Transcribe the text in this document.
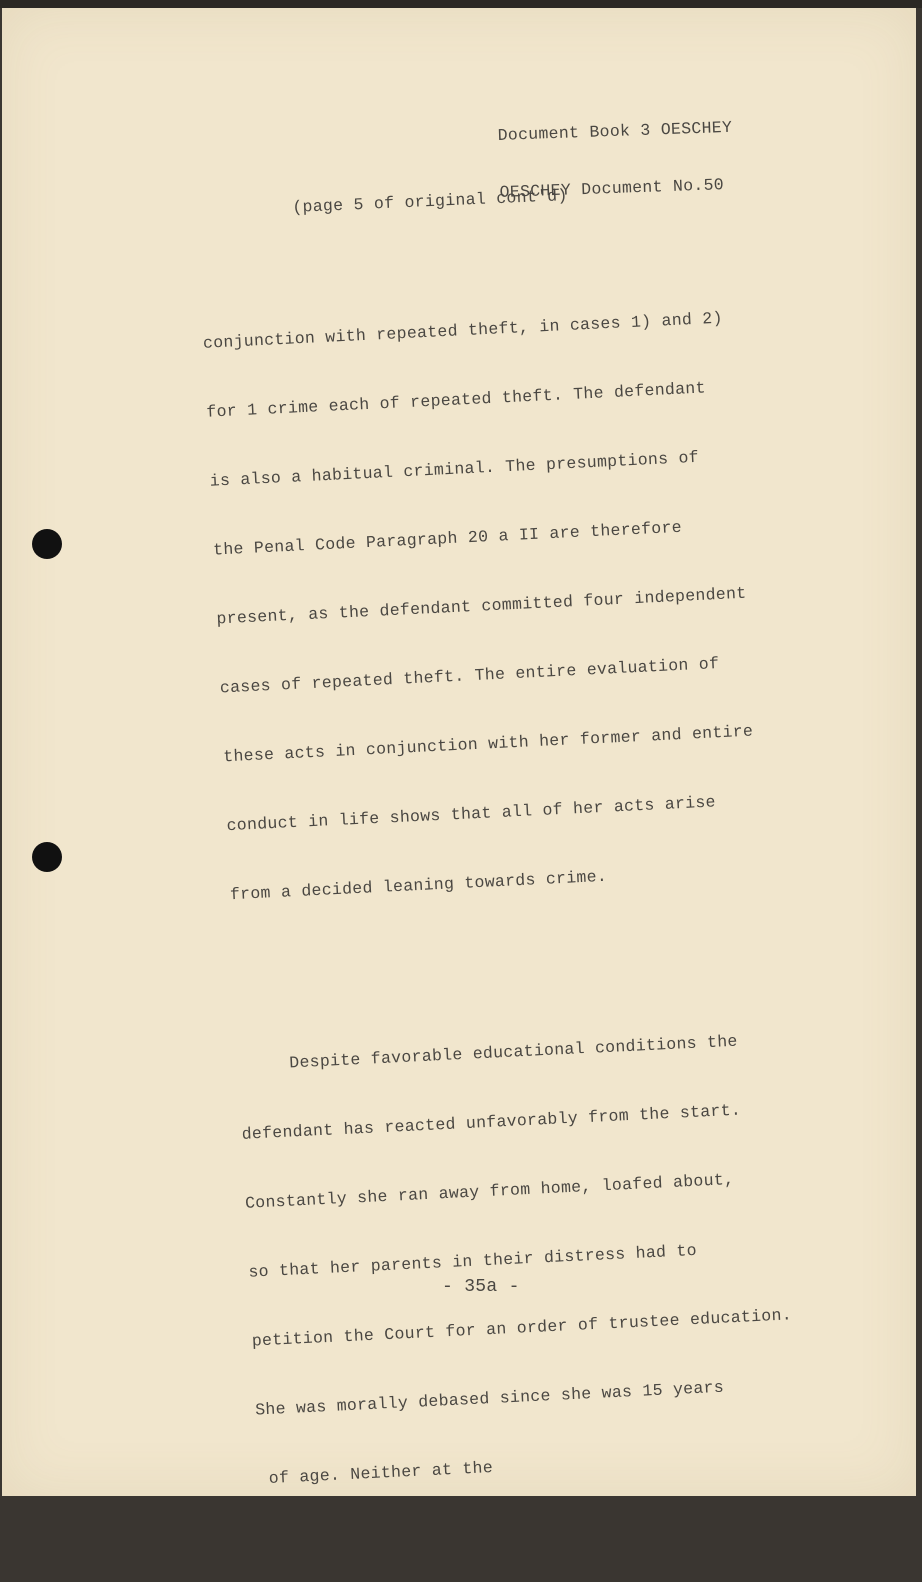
Document Book 3 OESCHEY

OESCHEY Document No.50

(page 5 of original cont'd)

conjunction with repeated theft, in cases 1) and 2)

for 1 crime each of repeated theft. The defendant

is also a habitual criminal. The presumptions of

the Penal Code Paragraph 20 a II are therefore

present, as the defendant committed four independent

cases of repeated theft. The entire evaluation of

these acts in conjunction with her former and entire

conduct in life shows that all of her acts arise

from a decided leaning towards crime.

Despite favorable educational conditions the

defendant has reacted unfavorably from the start.

Constantly she ran away from home, loafed about,

so that her parents in their distress had to

petition the Court for an order of trustee education.

She was morally debased since she was 15 years

of age. Neither at the

- 35a -
